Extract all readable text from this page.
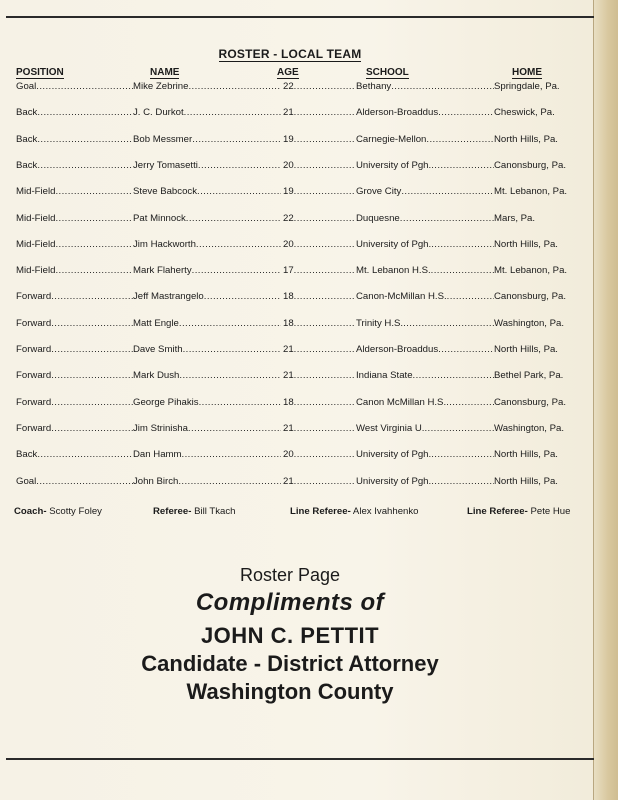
ROSTER - LOCAL TEAM
POSITION	NAME	AGE	SCHOOL	HOME
Goal .....	Mike Zebrine .....	22 .....	Bethany .....	Springdale, Pa.
Back .....	J. C. Durkot .....	21 .....	Alderson-Broaddus .....	Cheswick, Pa.
Back .....	Bob Messmer .....	19 .....	Carnegie-Mellon .....	North Hills, Pa.
Back .....	Jerry Tomasetti .....	20 .....	University of Pgh. .....	Canonsburg, Pa.
Mid-Field .....	Steve Babcock .....	19 .....	Grove City .....	Mt. Lebanon, Pa.
Mid-Field .....	Pat Minnock .....	22 .....	Duquesne .....	Mars, Pa.
Mid-Field .....	Jim Hackworth .....	20 .....	University of Pgh. .....	North Hills, Pa.
Mid-Field .....	Mark Flaherty .....	17 .....	Mt. Lebanon H.S. .....	Mt. Lebanon, Pa.
Forward .....	Jeff Mastrangelo .....	18 .....	Canon-McMillan H.S. .....	Canonsburg, Pa.
Forward .....	Matt Engle .....	18 .....	Trinity H.S. .....	Washington, Pa.
Forward .....	Dave Smith .....	21 .....	Alderson-Broaddus .....	North Hills, Pa.
Forward .....	Mark Dush .....	21 .....	Indiana State .....	Bethel Park, Pa.
Forward .....	George Pihakis .....	18 .....	Canon McMillan H.S. .....	Canonsburg, Pa.
Forward .....	Jim Strinisha .....	21 .....	West Virginia U. .....	Washington, Pa.
Back .....	Dan Hamm .....	20 .....	University of Pgh. .....	North Hills, Pa.
Goal .....	John Birch .....	21 .....	University of Pgh. .....	North Hills, Pa.
Coach- Scotty Foley	Referee- Bill Tkach	Line Referee- Alex Ivahhenko	Line Referee- Pete Hue
Roster Page
Compliments of
JOHN C. PETTIT
Candidate - District Attorney
Washington County
